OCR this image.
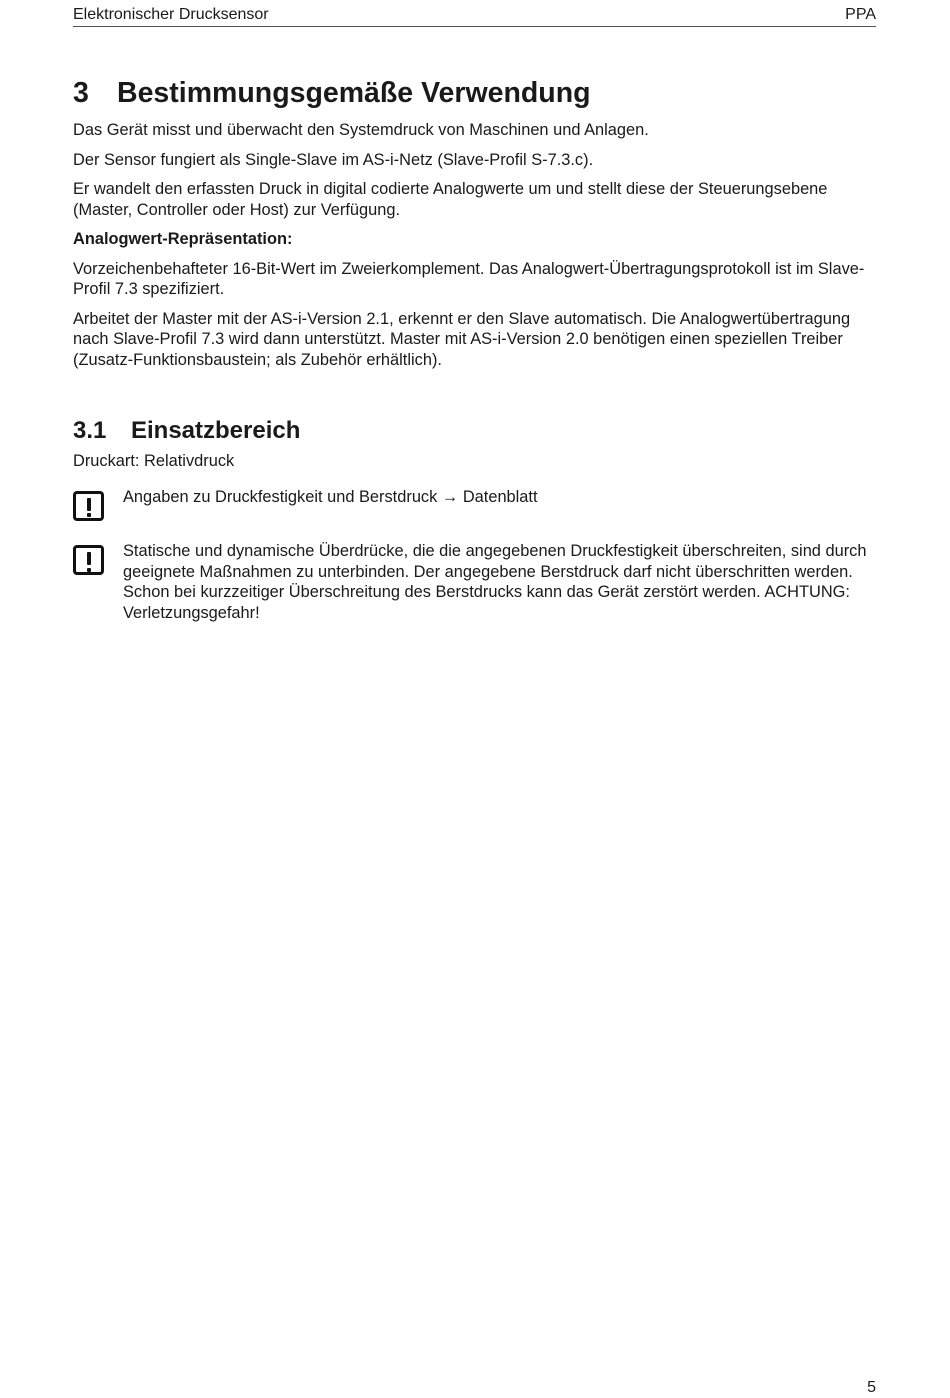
Elektronischer Drucksensor	PPA
3 Bestimmungsgemäße Verwendung

Das Gerät misst und überwacht den Systemdruck von Maschinen und Anlagen.

Der Sensor fungiert als Single-Slave im AS-i-Netz (Slave-Profil S-7.3.c).

Er wandelt den erfassten Druck in digital codierte Analogwerte um und stellt diese der Steuerungsebene (Master, Controller oder Host) zur Verfügung.

Analogwert-Repräsentation:

Vorzeichenbehafteter 16-Bit-Wert im Zweierkomplement. Das Analogwert-Übertragungsprotokoll ist im Slave-Profil 7.3 spezifiziert.

Arbeitet der Master mit der AS-i-Version 2.1, erkennt er den Slave automatisch. Die Analogwertübertragung nach Slave-Profil 7.3 wird dann unterstützt. Master mit AS-i-Version 2.0 benötigen einen speziellen Treiber (Zusatz-Funktionsbaustein; als Zubehör erhältlich).

3.1 Einsatzbereich

Druckart: Relativdruck

Angaben zu Druckfestigkeit und Berstdruck → Datenblatt

Statische und dynamische Überdrücke, die die angegebenen Druckfestigkeit überschreiten, sind durch geeignete Maßnahmen zu unterbinden. Der angegebene Berstdruck darf nicht überschritten werden. Schon bei kurzzeitiger Überschreitung des Berstdrucks kann das Gerät zerstört werden. ACHTUNG: Verletzungsgefahr!

5
